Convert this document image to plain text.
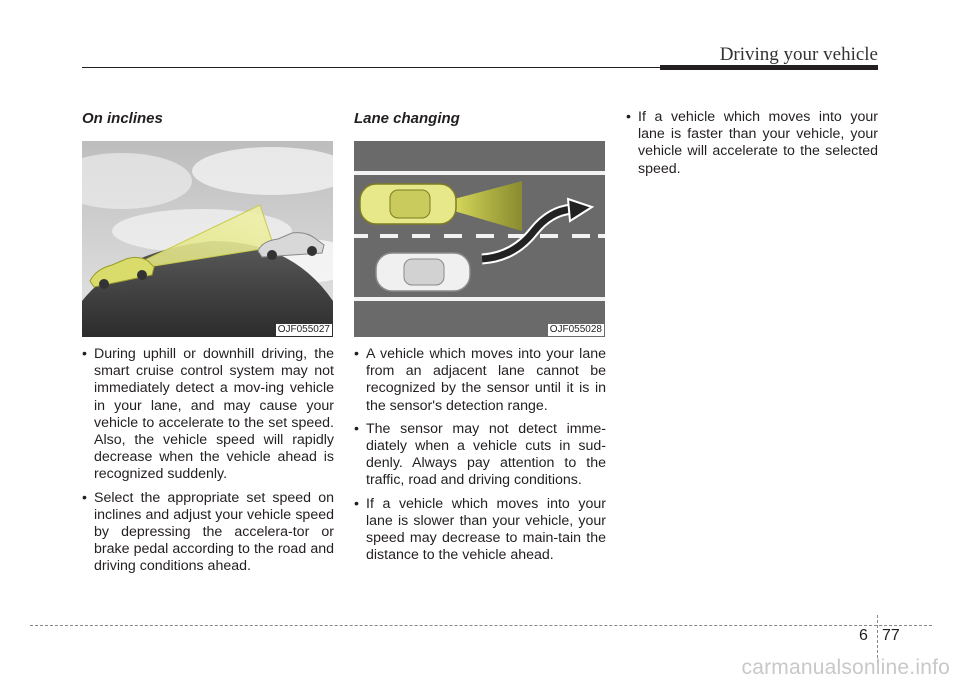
Driving your vehicle
On inclines
OJF055027
• During uphill or downhill driving, the smart cruise control system may not immediately detect a mov-ing vehicle in your lane, and may cause your vehicle to accelerate to the set speed. Also, the vehicle speed will rapidly decrease when the vehicle ahead is recognized suddenly.
• Select the appropriate set speed on inclines and adjust your vehicle speed by depressing the accelera-tor or brake pedal according to the road and driving conditions ahead.
Lane changing
OJF055028
• A vehicle which moves into your lane from an adjacent lane cannot be recognized by the sensor until it is in the sensor's detection range.
• The sensor may not detect imme-diately when a vehicle cuts in sud-denly. Always pay attention to the traffic, road and driving conditions.
• If a vehicle which moves into your lane is slower than your vehicle, your speed may decrease to main-tain the distance to the vehicle ahead.
• If a vehicle which moves into your lane is faster than your vehicle, your vehicle will accelerate to the selected speed.
6 77
carmanualsonline.info
